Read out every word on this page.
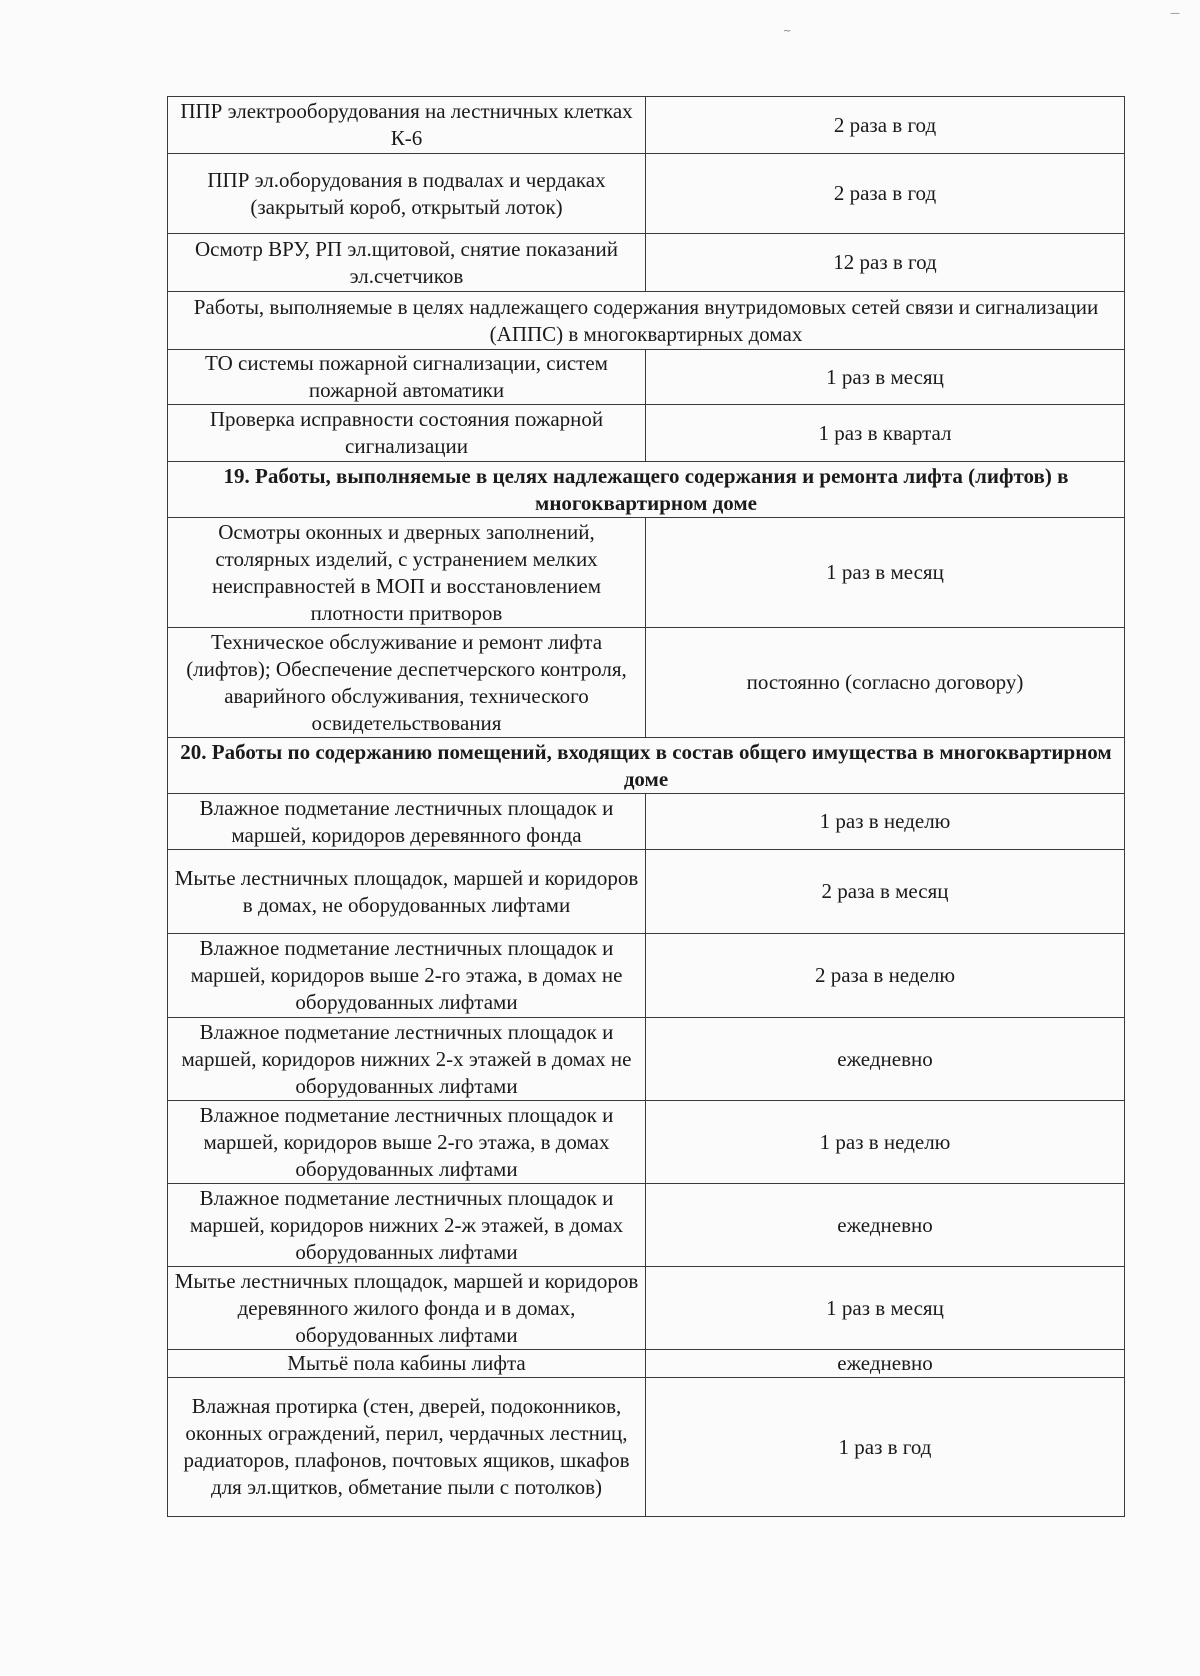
~
—
ППР электрооборудования на лестничных клетках К-6	2 раза в год
ППР эл.оборудования в подвалах и чердаках (закрытый короб, открытый лоток)	2 раза в год
Осмотр ВРУ, РП эл.щитовой, снятие показаний эл.счетчиков	12 раз в год
Работы, выполняемые в целях надлежащего содержания внутридомовых сетей связи и сигнализации (АППС) в многоквартирных домах	
ТО системы пожарной сигнализации, систем пожарной автоматики	1 раз в месяц
Проверка исправности состояния пожарной сигнализации	1 раз в квартал
19. Работы, выполняемые в целях надлежащего содержания и ремонта лифта (лифтов) в многоквартирном доме	
Осмотры оконных и дверных заполнений, столярных изделий, с устранением мелких неисправностей в МОП и восстановлением плотности притворов	1 раз в месяц
Техническое обслуживание и ремонт лифта (лифтов); Обеспечение деспетчерского контроля, аварийного обслуживания, технического освидетельствования	постоянно (согласно договору)
20. Работы по содержанию помещений, входящих в состав общего имущества в многоквартирном доме	
Влажное подметание лестничных площадок и маршей, коридоров деревянного фонда	1 раз в неделю
Мытье лестничных площадок, маршей и коридоров в домах, не оборудованных лифтами	2 раза в месяц
Влажное подметание лестничных площадок и маршей, коридоров выше 2-го этажа, в домах не оборудованных лифтами	2 раза в неделю
Влажное подметание лестничных площадок и маршей, коридоров нижних 2-х этажей в домах не оборудованных лифтами	ежедневно
Влажное подметание лестничных площадок и маршей, коридоров выше 2-го этажа, в домах оборудованных лифтами	1 раз в неделю
Влажное подметание лестничных площадок и маршей, коридоров нижних 2-ж этажей, в домах оборудованных лифтами	ежедневно
Мытье лестничных площадок, маршей и коридоров деревянного жилого фонда и в домах, оборудованных лифтами	1 раз в месяц
Мытьё пола кабины лифта	ежедневно
Влажная протирка (стен, дверей, подоконников, оконных ограждений, перил, чердачных лестниц, радиаторов, плафонов, почтовых ящиков, шкафов для эл.щитков, обметание пыли с потолков)	1 раз в год
